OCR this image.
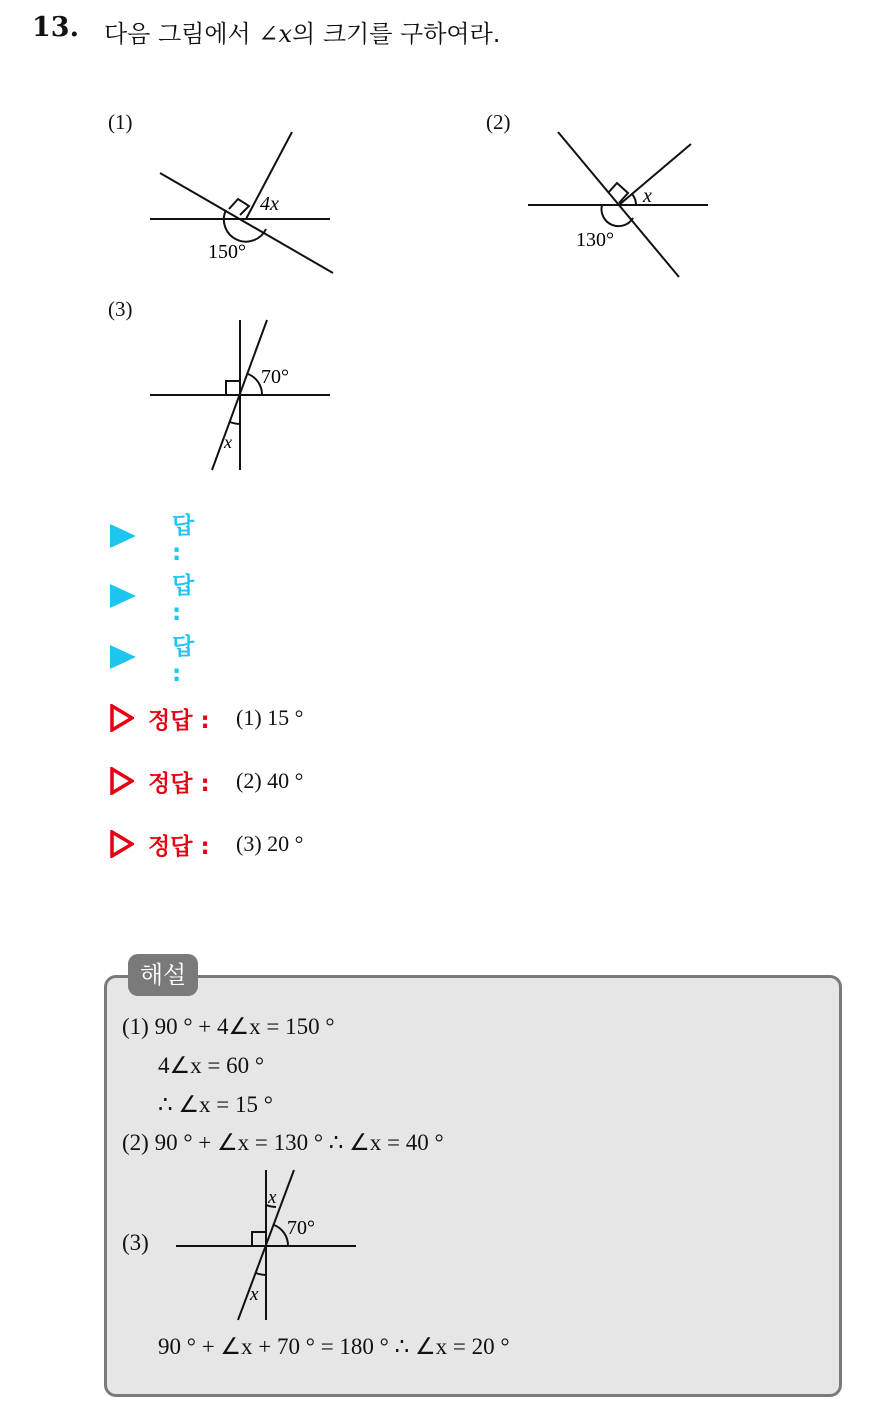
13. 다음 그림에서 ∠x의 크기를 구하여라.
(1)	(2)
(3)
4x
150°
x
130°
70°
x
답 :
답 :
답 :
정답 : (1) 15 °
정답 : (2) 40 °
정답 : (3) 20 °
해설
(1) 90 ° + 4∠x = 150 °
4∠x = 60 °
∴ ∠x = 15 °
(2) 90 ° + ∠x = 130 ° ∴ ∠x = 40 °
(3)
x
70°
x
90 ° + ∠x + 70 ° = 180 ° ∴ ∠x = 20 °
